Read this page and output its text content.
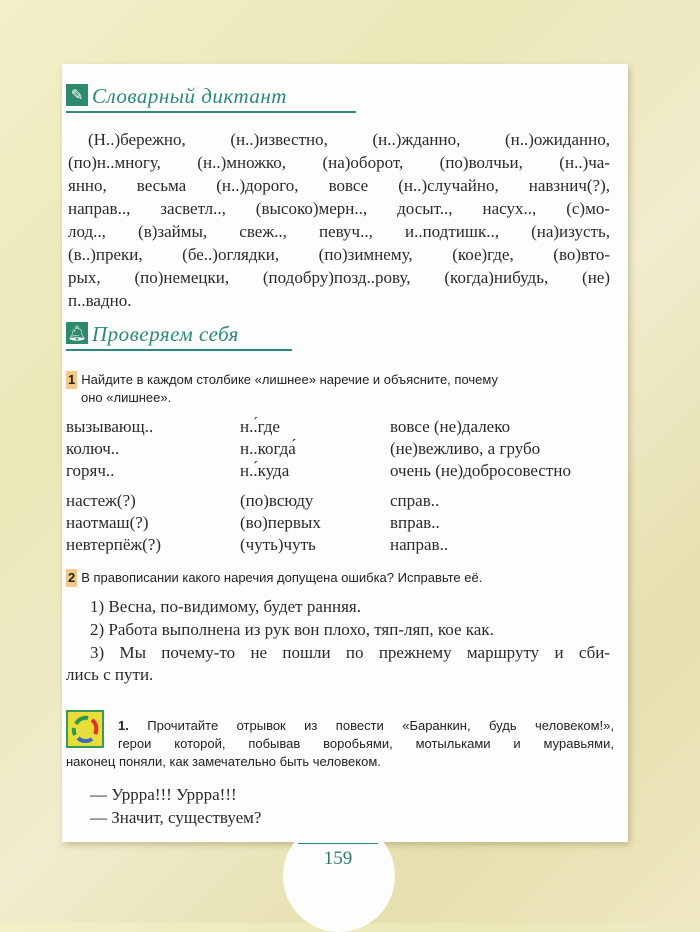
✎ Словарный диктант
(Н..)бережно, (н..)известно, (н..)жданно, (н..)ожиданно,
(по)н..многу, (н..)множко, (на)оборот, (по)волчьи, (н..)ча-
янно, весьма (н..)дорого, вовсе (н..)случайно, навзнич(?),
направ.., засветл.., (высоко)мерн.., досыт.., насух.., (с)мо-
лод.., (в)займы, свеж.., певуч.., и..подтишк.., (на)изусть,
(в..)преки, (бе..)оглядки, (по)зимнему, (кое)где, (во)вто-
рых, (по)немецки, (подобру)позд..рову, (когда)нибудь, (не)
п..вадно.
🔔︎ Проверяем себя
1 Найдите в каждом столбике «лишнее» наречие и объясните, почему
оно «лишнее».
вызывающ..
колюч..
горяч..
настеж(?)
наотмаш(?)
невтерпёж(?)
н..́где
н..когда́
н..́куда
(по)всюду
(во)первых
(чуть)чуть
вовсе (не)далеко
(не)вежливо, а грубо
очень (не)добросовестно
справ..
вправ..
направ..
2 В правописании какого наречия допущена ошибка? Исправьте её.
1) Весна, по-видимому, будет ранняя.
2) Работа выполнена из рук вон плохо, тяп-ляп, кое как.
3) Мы почему-то не пошли по прежнему маршруту и сби-
лись с пути.
1. Прочитайте отрывок из повести «Баранкин, будь человеком!»,
герои которой, побывав воробьями, мотыльками и муравьями,
наконец поняли, как замечательно быть человеком.
— Урррa!!! Урррa!!!
— Значит, существуем?
159
